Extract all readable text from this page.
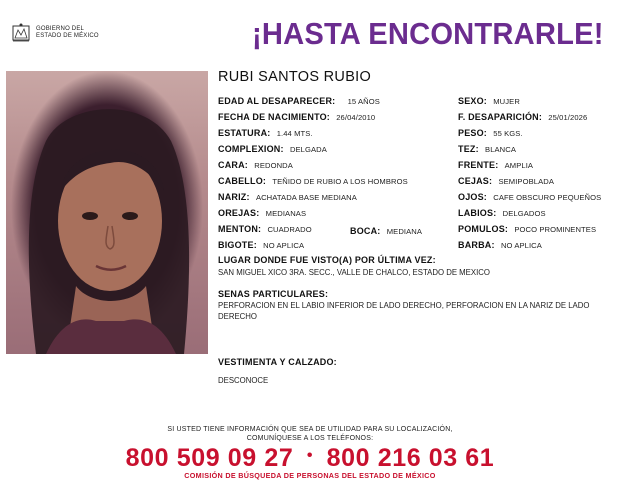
GOBIERNO DEL
ESTADO DE MÉXICO	¡HASTA ENCONTRARLE!
RUBI SANTOS RUBIO
EDAD AL DESAPARECER: 15 AÑOS
FECHA DE NACIMIENTO: 26/04/2010
ESTATURA: 1.44 MTS.
COMPLEXION: DELGADA
CARA: REDONDA
CABELLO: TEÑIDO DE RUBIO A LOS HOMBROS
NARIZ: ACHATADA BASE MEDIANA
OREJAS: MEDIANAS
MENTON: CUADRADO	BOCA: MEDIANA
BIGOTE: NO APLICA
SEXO: MUJER
F. DESAPARICIÓN: 25/01/2026
PESO: 55 KGS.
TEZ: BLANCA
FRENTE: AMPLIA
CEJAS: SEMIPOBLADA
OJOS: CAFE OBSCURO PEQUEÑOS
LABIOS: DELGADOS
POMULOS: POCO PROMINENTES
BARBA: NO APLICA
LUGAR DONDE FUE VISTO(A) POR ÚLTIMA VEZ:
SAN MIGUEL XICO 3RA. SECC., VALLE DE CHALCO, ESTADO DE MEXICO
SENAS PARTICULARES:
PERFORACION EN EL LABIO INFERIOR DE LADO DERECHO, PERFORACION EN LA NARIZ DE LADO DERECHO
VESTIMENTA Y CALZADO:
DESCONOCE
SI USTED TIENE INFORMACIÓN QUE SEA DE UTILIDAD PARA SU LOCALIZACIÓN,
COMUNÍQUESE A LOS TELÉFONOS:
800 509 09 27 • 800 216 03 61
COMISIÓN DE BÚSQUEDA DE PERSONAS DEL ESTADO DE MÉXICO
